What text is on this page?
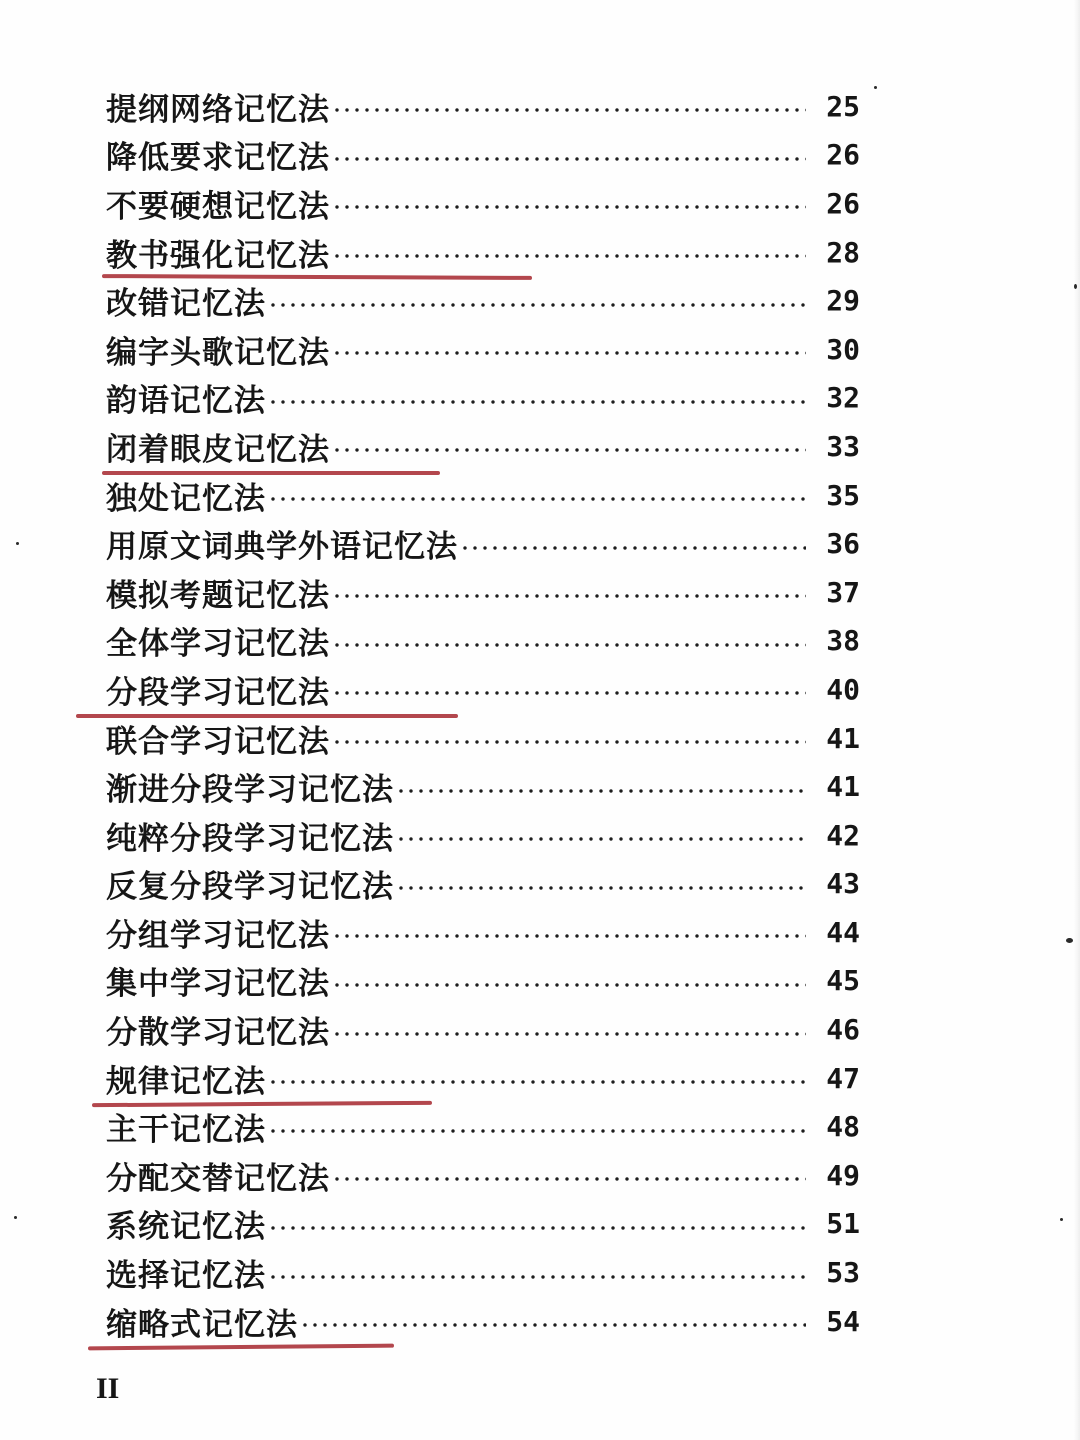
提纲网络记忆法	25
降低要求记忆法	26
不要硬想记忆法	26
教书强化记忆法	28
改错记忆法	29
编字头歌记忆法	30
韵语记忆法	32
闭着眼皮记忆法	33
独处记忆法	35
用原文词典学外语记忆法	36
模拟考题记忆法	37
全体学习记忆法	38
分段学习记忆法	40
联合学习记忆法	41
渐进分段学习记忆法	41
纯粹分段学习记忆法	42
反复分段学习记忆法	43
分组学习记忆法	44
集中学习记忆法	45
分散学习记忆法	46
规律记忆法	47
主干记忆法	48
分配交替记忆法	49
系统记忆法	51
选择记忆法	53
缩略式记忆法	54
II
